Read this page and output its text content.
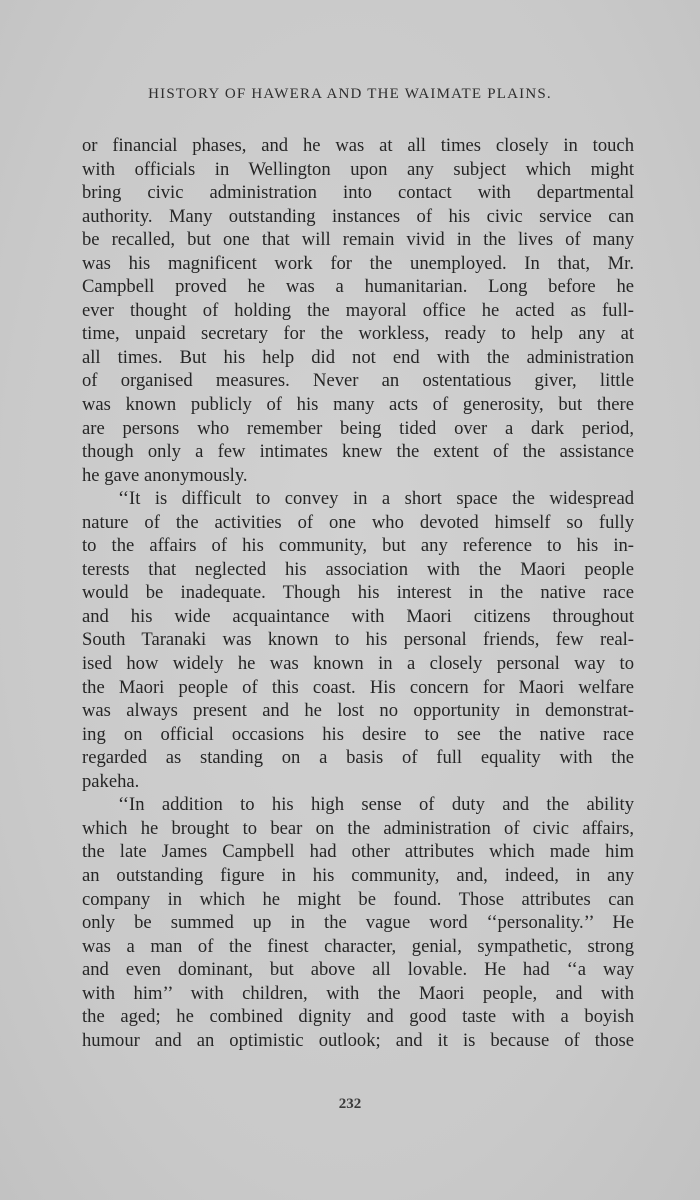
HISTORY OF HAWERA AND THE WAIMATE PLAINS.
or financial phases, and he was at all times closely in touch
with officials in Wellington upon any subject which might
bring civic administration into contact with departmental
authority. Many outstanding instances of his civic service can
be recalled, but one that will remain vivid in the lives of many
was his magnificent work for the unemployed. In that, Mr.
Campbell proved he was a humanitarian. Long before he
ever thought of holding the mayoral office he acted as full-
time, unpaid secretary for the workless, ready to help any at
all times. But his help did not end with the administration
of organised measures. Never an ostentatious giver, little
was known publicly of his many acts of generosity, but there
are persons who remember being tided over a dark period,
though only a few intimates knew the extent of the assistance
he gave anonymously.
‘‘It is difficult to convey in a short space the widespread
nature of the activities of one who devoted himself so fully
to the affairs of his community, but any reference to his in-
terests that neglected his association with the Maori people
would be inadequate. Though his interest in the native race
and his wide acquaintance with Maori citizens throughout
South Taranaki was known to his personal friends, few real-
ised how widely he was known in a closely personal way to
the Maori people of this coast. His concern for Maori welfare
was always present and he lost no opportunity in demonstrat-
ing on official occasions his desire to see the native race
regarded as standing on a basis of full equality with the
pakeha.
‘‘In addition to his high sense of duty and the ability
which he brought to bear on the administration of civic affairs,
the late James Campbell had other attributes which made him
an outstanding figure in his community, and, indeed, in any
company in which he might be found. Those attributes can
only be summed up in the vague word ‘‘personality.’’ He
was a man of the finest character, genial, sympathetic, strong
and even dominant, but above all lovable. He had ‘‘a way
with him’’ with children, with the Maori people, and with
the aged; he combined dignity and good taste with a boyish
humour and an optimistic outlook; and it is because of those
232
